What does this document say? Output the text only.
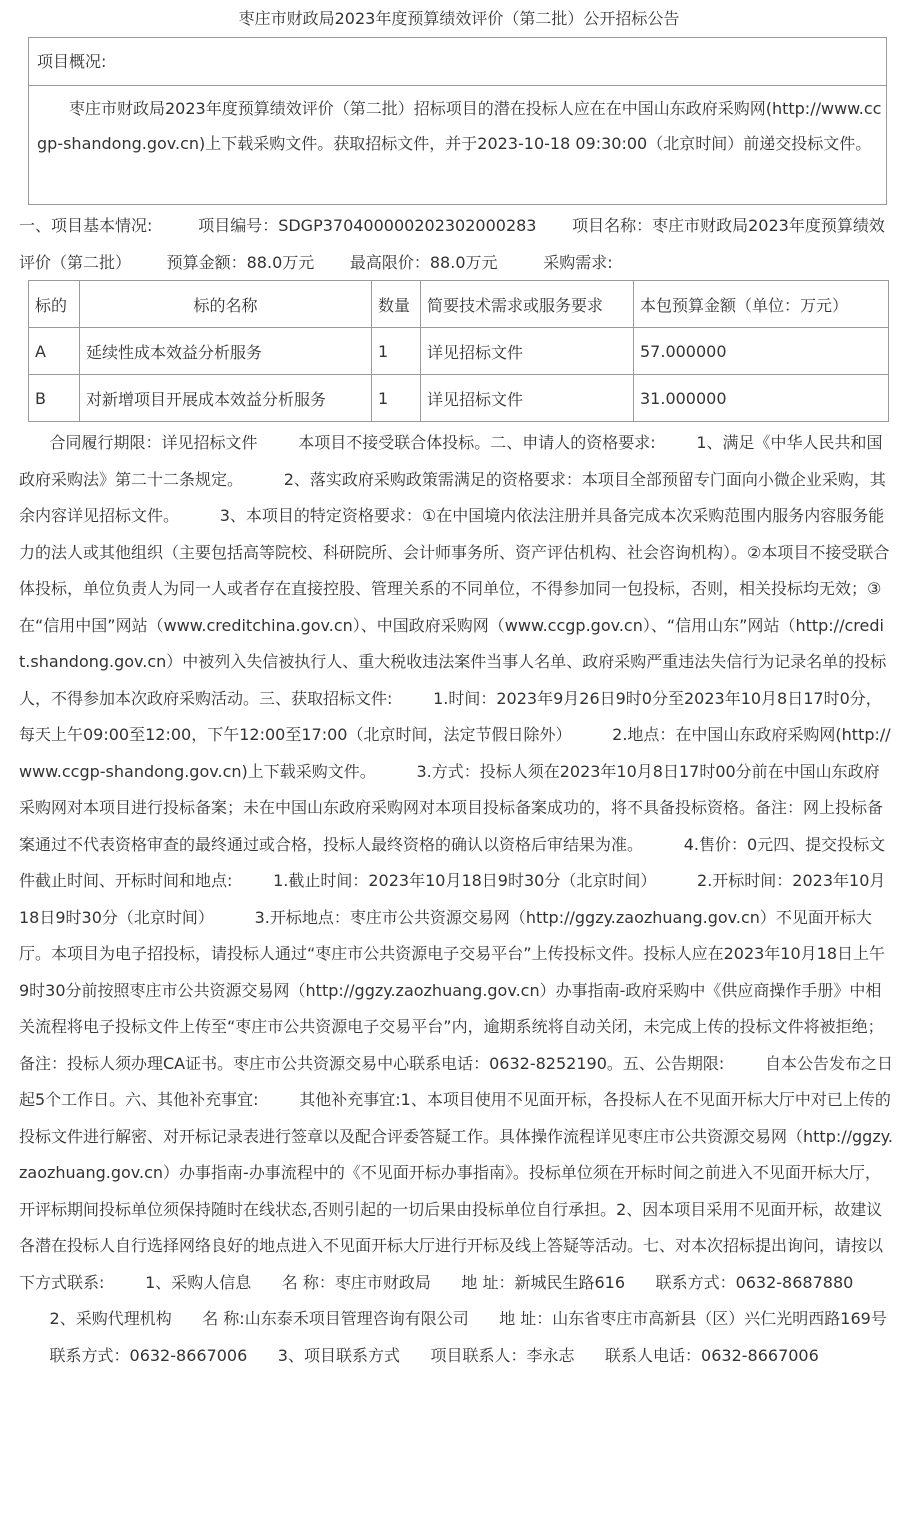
枣庄市财政局2023年度预算绩效评价（第二批）公开招标公告
项目概况:
枣庄市财政局2023年度预算绩效评价（第二批）招标项目的潜在投标人应在在中国山东政府采购网(http://www.ccgp-shandong.gov.cn)上下载采购文件。获取招标文件，并于2023-10-18 09:30:00（北京时间）前递交投标文件。
一、项目基本情况:	项目编号：SDGP370400000202302000283 项目名称：枣庄市财政局2023年度预算绩效评价（第二批） 预算金额：88.0万元 最高限价：88.0万元	采购需求:
标的	标的名称	数量	简要技术需求或服务要求	本包预算金额（单位：万元）
A	延续性成本效益分析服务	1	详见招标文件	57.000000
B	对新增项目开展成本效益分析服务	1	详见招标文件	31.000000
合同履行期限：详见招标文件	本项目不接受联合体投标。二、申请人的资格要求:	1、满足《中华人民共和国政府采购法》第二十二条规定。	2、落实政府采购政策需满足的资格要求：本项目全部预留专门面向小微企业采购，其余内容详见招标文件。	3、本项目的特定资格要求：①在中国境内依法注册并具备完成本次采购范围内服务内容服务能力的法人或其他组织（主要包括高等院校、科研院所、会计师事务所、资产评估机构、社会咨询机构）。②本项目不接受联合体投标，单位负责人为同一人或者存在直接控股、管理关系的不同单位，不得参加同一包投标，否则，相关投标均无效；③在“信用中国”网站（www.creditchina.gov.cn）、中国政府采购网（www.ccgp.gov.cn）、“信用山东”网站（http://credit.shandong.gov.cn）中被列入失信被执行人、重大税收违法案件当事人名单、政府采购严重违法失信行为记录名单的投标人，不得参加本次政府采购活动。三、获取招标文件:	1.时间：2023年9月26日9时0分至2023年10月8日17时0分，每天上午09:00至12:00，下午12:00至17:00（北京时间，法定节假日除外）	2.地点：在中国山东政府采购网(http://www.ccgp-shandong.gov.cn)上下载采购文件。	3.方式：投标人须在2023年10月8日17时00分前在中国山东政府采购网对本项目进行投标备案；未在中国山东政府采购网对本项目投标备案成功的，将不具备投标资格。备注：网上投标备案通过不代表资格审查的最终通过或合格，投标人最终资格的确认以资格后审结果为准。	4.售价：0元四、提交投标文件截止时间、开标时间和地点:	1.截止时间：2023年10月18日9时30分（北京时间）	2.开标时间：2023年10月18日9时30分（北京时间）	3.开标地点：枣庄市公共资源交易网（http://ggzy.zaozhuang.gov.cn）不见面开标大厅。本项目为电子招投标，请投标人通过“枣庄市公共资源电子交易平台”上传投标文件。投标人应在2023年10月18日上午9时30分前按照枣庄市公共资源交易网（http://ggzy.zaozhuang.gov.cn）办事指南-政府采购中《供应商操作手册》中相关流程将电子投标文件上传至“枣庄市公共资源电子交易平台”内，逾期系统将自动关闭，未完成上传的投标文件将被拒绝；备注：投标人须办理CA证书。枣庄市公共资源交易中心联系电话：0632-8252190。五、公告期限:	自本公告发布之日起5个工作日。六、其他补充事宜:	其他补充事宜:1、本项目使用不见面开标，各投标人在不见面开标大厅中对已上传的投标文件进行解密、对开标记录表进行签章以及配合评委答疑工作。具体操作流程详见枣庄市公共资源交易网（http://ggzy.zaozhuang.gov.cn）办事指南-办事流程中的《不见面开标办事指南》。投标单位须在开标时间之前进入不见面开标大厅，开评标期间投标单位须保持随时在线状态,否则引起的一切后果由投标单位自行承担。2、因本项目采用不见面开标，故建议各潜在投标人自行选择网络良好的地点进入不见面开标大厅进行开标及线上答疑等活动。七、对本次招标提出询问，请按以下方式联系:	1、采购人信息 名 称：枣庄市财政局 地 址：新城民生路616 联系方式：0632-8687880      2、采购代理机构 名 称:山东泰禾项目管理咨询有限公司 地 址：山东省枣庄市高新县（区）兴仁光明西路169号      联系方式：0632-8667006 3、项目联系方式 项目联系人：李永志 联系人电话：0632-8667006
